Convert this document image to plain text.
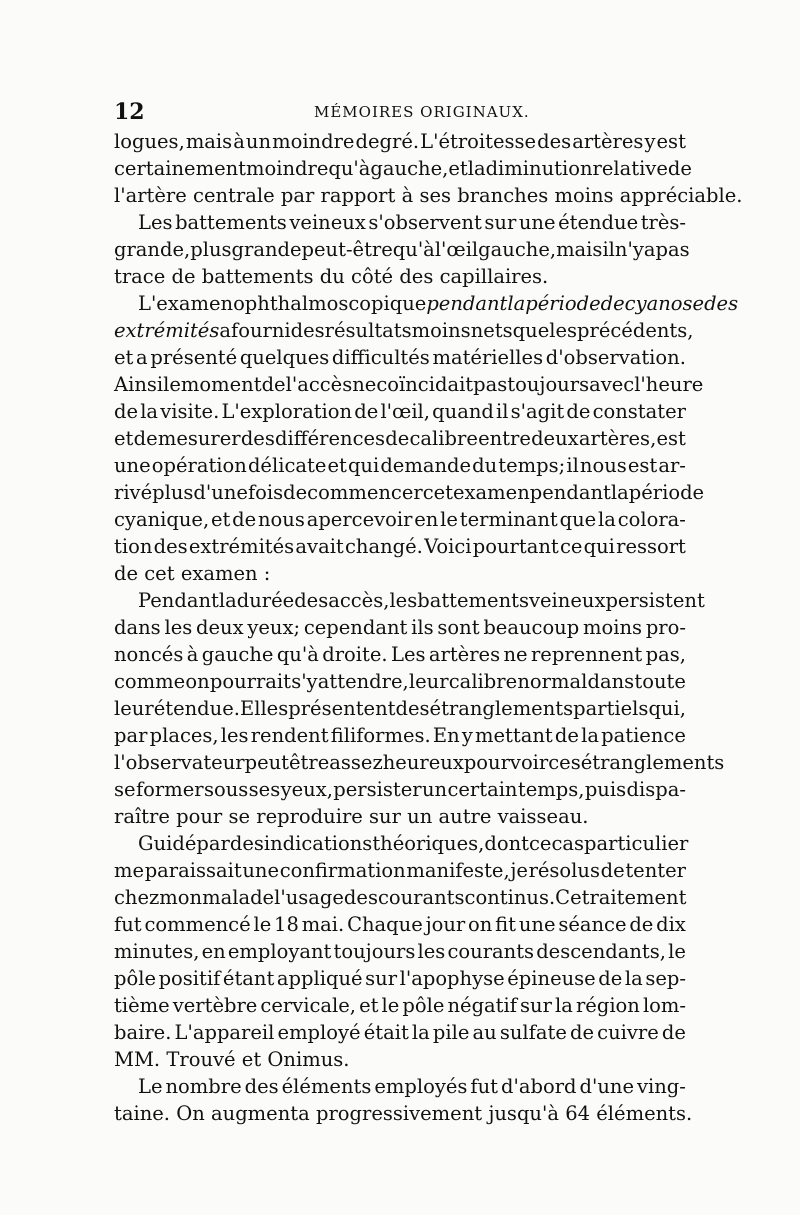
12	MÉMOIRES ORIGINAUX.
logues, mais à un moindre degré. L'étroitesse des artères y est
certainement moindre qu'à gauche, et la diminution relative de
l'artère centrale par rapport à ses branches moins appréciable.
Les battements veineux s'observent sur une étendue très-
grande, plus grande peut-être qu'à l'œil gauche, mais il n'y a pas
trace de battements du côté des capillaires.
L'examen ophthalmoscopique pendant la période de cyanose des
extrémités a fourni des résultats moins nets que les précédents,
et a présenté quelques difficultés matérielles d'observation.
Ainsi le moment de l'accès ne coïncidait pas toujours avec l'heure
de la visite. L'exploration de l'œil, quand il s'agit de constater
et de mesurer des différences de calibre entre deux artères, est
une opération délicate et qui demande du temps; il nous est ar-
rivé plus d'une fois de commencer cet examen pendant la période
cyanique, et de nous apercevoir en le terminant que la colora-
tion des extrémités avait changé. Voici pourtant ce qui ressort
de cet examen :
Pendant la durée des accès, les battements veineux persistent
dans les deux yeux; cependant ils sont beaucoup moins pro-
noncés à gauche qu'à droite. Les artères ne reprennent pas,
comme on pourrait s'y attendre, leur calibre normal dans toute
leur étendue. Elles présentent des étranglements partiels qui,
par places, les rendent filiformes. En y mettant de la patience
l'observateur peut être assez heureux pour voir ces étranglements
se former sous ses yeux, persister un certain temps, puis dispa-
raître pour se reproduire sur un autre vaisseau.
Guidé par des indications théoriques, dont ce cas particulier
me paraissait une confirmation manifeste, je résolus de tenter
chez mon malade l'usage des courants continus. Ce traitement
fut commencé le 18 mai. Chaque jour on fit une séance de dix
minutes, en employant toujours les courants descendants, le
pôle positif étant appliqué sur l'apophyse épineuse de la sep-
tième vertèbre cervicale, et le pôle négatif sur la région lom-
baire. L'appareil employé était la pile au sulfate de cuivre de
MM. Trouvé et Onimus.
Le nombre des éléments employés fut d'abord d'une ving-
taine. On augmenta progressivement jusqu'à 64 éléments.
